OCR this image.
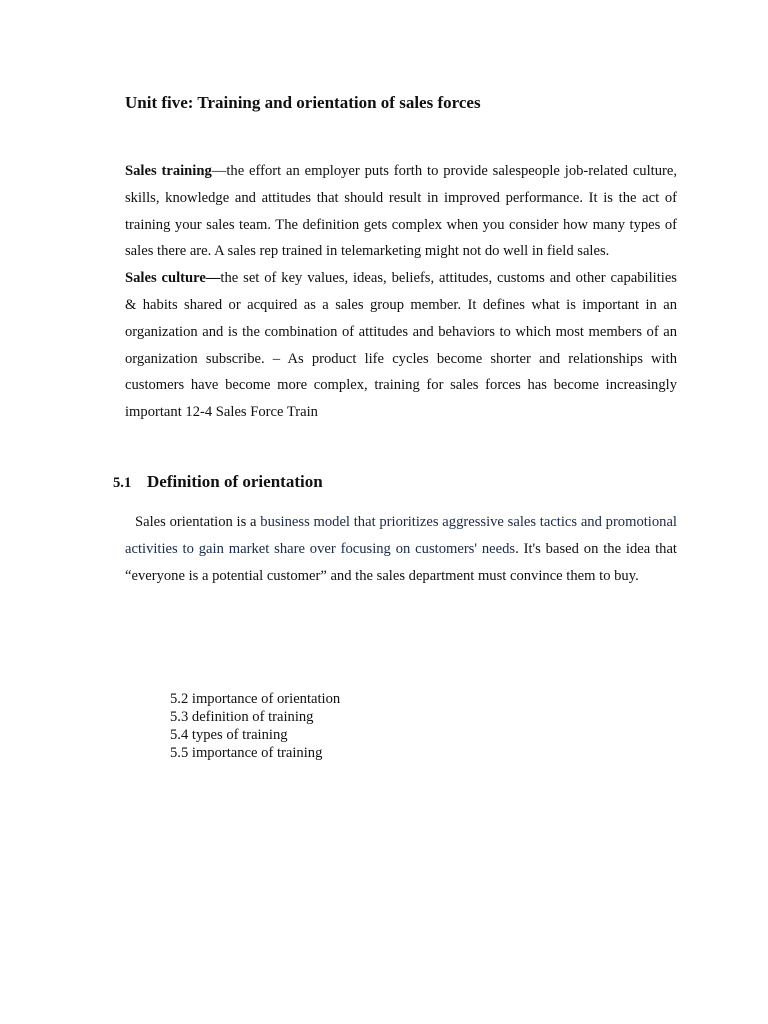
Unit five: Training and orientation of sales forces
Sales training—the effort an employer puts forth to provide salespeople job-related culture, skills, knowledge and attitudes that should result in improved performance. It is the act of training your sales team. The definition gets complex when you consider how many types of sales there are. A sales rep trained in telemarketing might not do well in field sales.
Sales culture—the set of key values, ideas, beliefs, attitudes, customs and other capabilities & habits shared or acquired as a sales group member. It defines what is important in an organization and is the combination of attitudes and behaviors to which most members of an organization subscribe. – As product life cycles become shorter and relationships with customers have become more complex, training for sales forces has become increasingly important 12-4 Sales Force Train
5.1 Definition of orientation
Sales orientation is a business model that prioritizes aggressive sales tactics and promotional activities to gain market share over focusing on customers' needs. It's based on the idea that “everyone is a potential customer” and the sales department must convince them to buy.
5.2 importance of orientation
5.3 definition of training
5.4 types of training
5.5 importance of training
